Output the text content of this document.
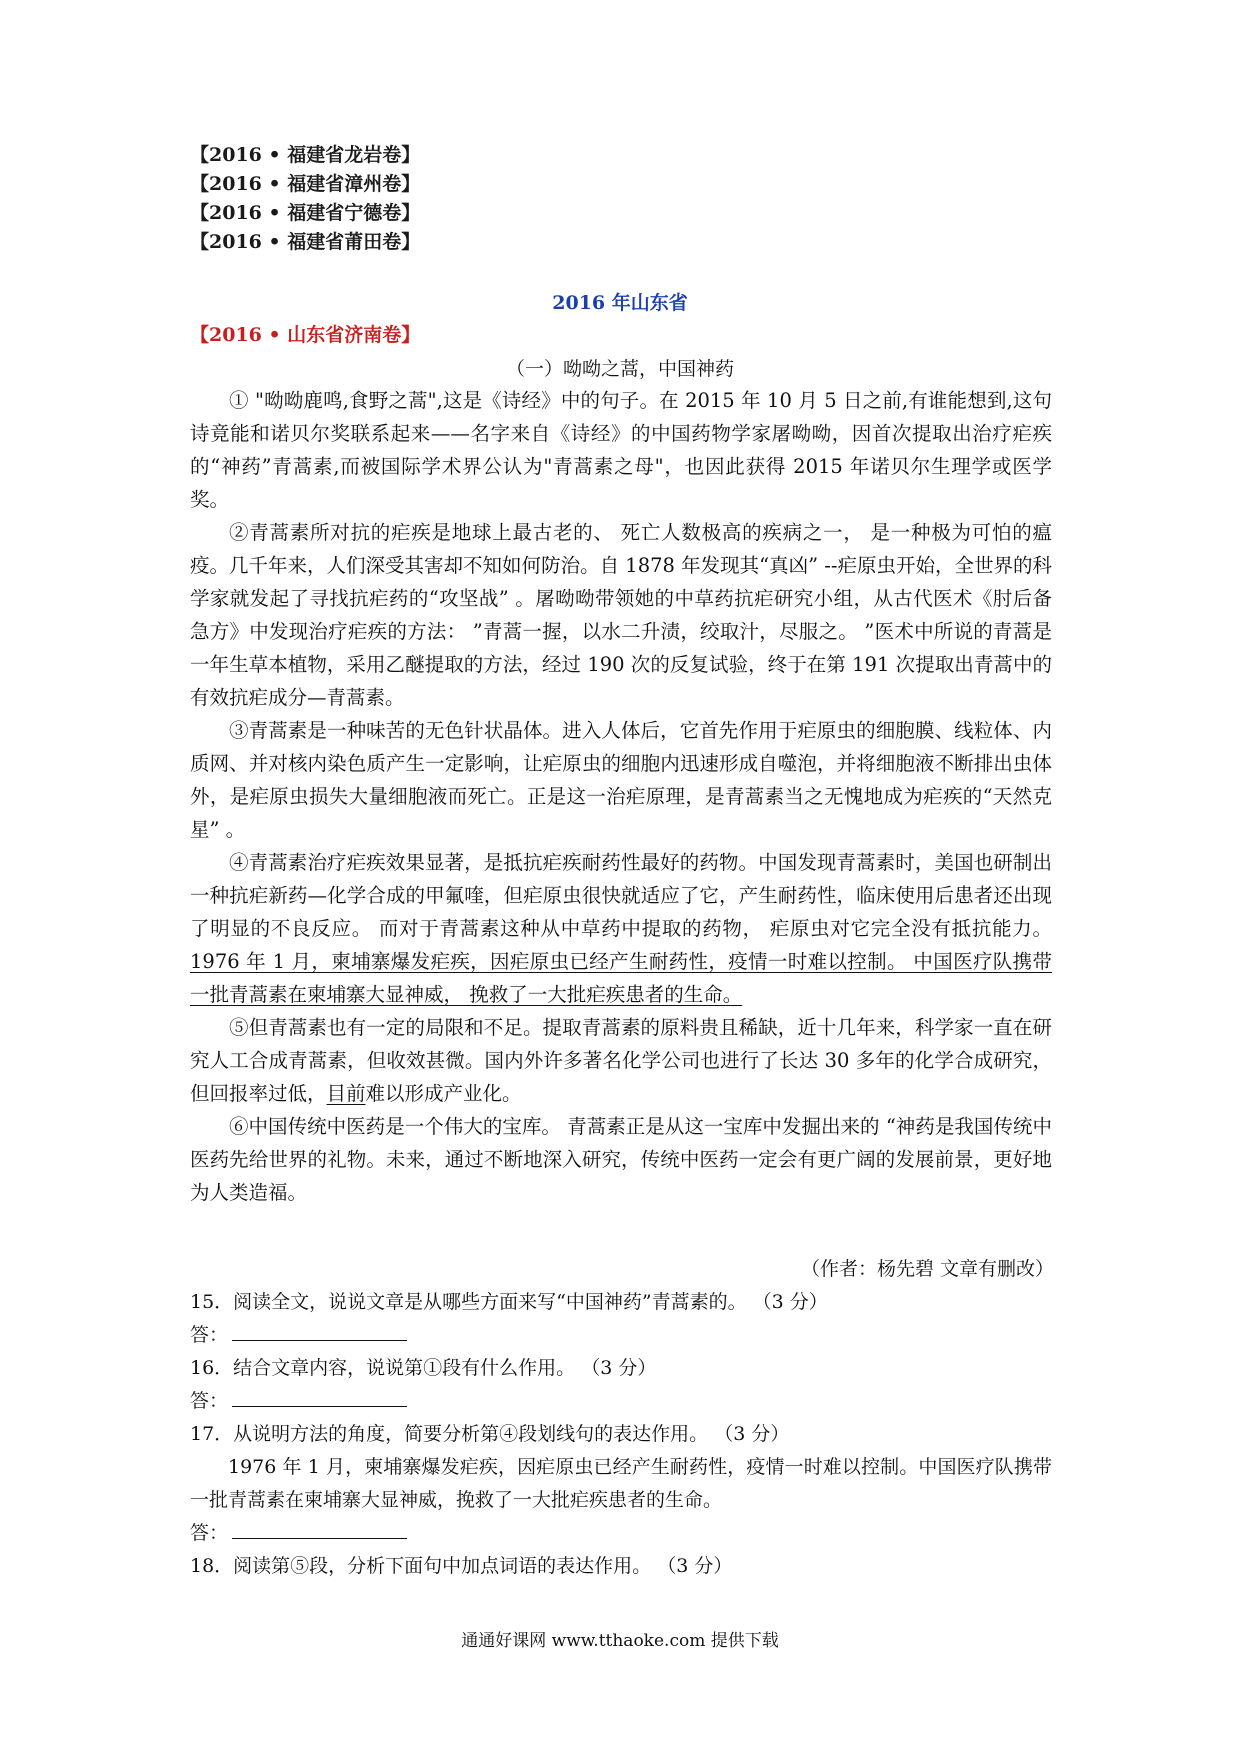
【2016 • 福建省龙岩卷】
【2016 • 福建省漳州卷】
【2016 • 福建省宁德卷】
【2016 • 福建省莆田卷】
2016 年山东省
【2016 • 山东省济南卷】
（一）呦呦之蒿，中国神药

① "呦呦鹿鸣,食野之蒿",这是《诗经》中的句子。在 2015 年 10 月 5 日之前,有谁能想到,这句诗竟能和诺贝尔奖联系起来——名字来自《诗经》的中国药物学家屠呦呦，因首次提取出治疗疟疾的“神药”青蒿素,而被国际学术界公认为"青蒿素之母"，也因此获得 2015 年诺贝尔生理学或医学奖。

②青蒿素所对抗的疟疾是地球上最古老的、 死亡人数极高的疾病之一， 是一种极为可怕的瘟疫。几千年来，人们深受其害却不知如何防治。自 1878 年发现其“真凶” --疟原虫开始，全世界的科学家就发起了寻找抗疟药的“攻坚战” 。屠呦呦带领她的中草药抗疟研究小组，从古代医术《肘后备急方》中发现治疗疟疾的方法： ”青蒿一握，以水二升渍，绞取汁，尽服之。 ”医术中所说的青蒿是一年生草本植物，采用乙醚提取的方法，经过 190 次的反复试验，终于在第 191 次提取出青蒿中的有效抗疟成分—青蒿素。

③青蒿素是一种味苦的无色针状晶体。进入人体后，它首先作用于疟原虫的细胞膜、线粒体、内质网、并对核内染色质产生一定影响，让疟原虫的细胞内迅速形成自噬泡，并将细胞液不断排出虫体外，是疟原虫损失大量细胞液而死亡。正是这一治疟原理，是青蒿素当之无愧地成为疟疾的“天然克星” 。

④青蒿素治疗疟疾效果显著，是抵抗疟疾耐药性最好的药物。中国发现青蒿素时，美国也研制出一种抗疟新药—化学合成的甲氟喹，但疟原虫很快就适应了它，产生耐药性，临床使用后患者还出现了明显的不良反应。 而对于青蒿素这种从中草药中提取的药物， 疟原虫对它完全没有抵抗能力。1976 年 1 月，柬埔寨爆发疟疾，因疟原虫已经产生耐药性，疫情一时难以控制。 中国医疗队携带一批青蒿素在柬埔寨大显神威， 挽救了一大批疟疾患者的生命。

⑤但青蒿素也有一定的局限和不足。提取青蒿素的原料贵且稀缺，近十几年来，科学家一直在研究人工合成青蒿素，但收效甚微。国内外许多著名化学公司也进行了长达 30 多年的化学合成研究，但回报率过低，目前难以形成产业化。

⑥中国传统中医药是一个伟大的宝库。 青蒿素正是从这一宝库中发掘出来的 “神药是我国传统中医药先给世界的礼物。未来，通过不断地深入研究，传统中医药一定会有更广阔的发展前景，更好地为人类造福。

（作者：杨先碧 文章有删改）

15．阅读全文，说说文章是从哪些方面来写“中国神药”青蒿素的。 （3 分）

答：

16．结合文章内容，说说第①段有什么作用。 （3 分）

答：

17．从说明方法的角度，简要分析第④段划线句的表达作用。 （3 分）

1976 年 1 月，柬埔寨爆发疟疾，因疟原虫已经产生耐药性，疫情一时难以控制。中国医疗队携带一批青蒿素在柬埔寨大显神威，挽救了一大批疟疾患者的生命。

答：

18．阅读第⑤段，分析下面句中加点词语的表达作用。 （3 分）

通通好课网 www.tthaoke.com 提供下载
